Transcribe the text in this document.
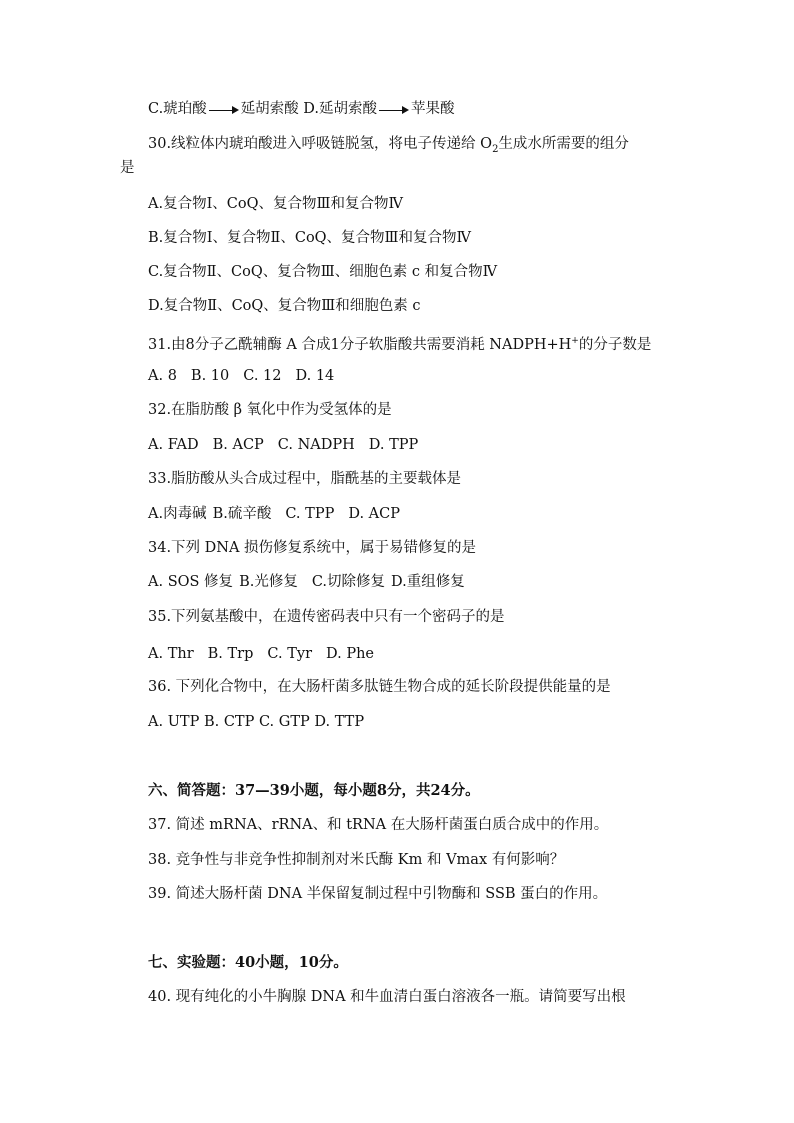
C.琥珀酸 延胡索酸 D.延胡索酸 苹果酸
30.线粒体内琥珀酸进入呼吸链脱氢，将电子传递给 $O_2$生成水所需要的组分
是
A.复合物Ⅰ、CoQ、复合物Ⅲ和复合物Ⅳ
B.复合物Ⅰ、复合物Ⅱ、CoQ、复合物Ⅲ和复合物Ⅳ
C.复合物Ⅱ、CoQ、复合物Ⅲ、细胞色素 c 和复合物Ⅳ
D.复合物Ⅱ、CoQ、复合物Ⅲ和细胞色素 c
31.由8分子乙酰辅酶 A 合成1分子软脂酸共需要消耗 NADPH+H+的分子数是
A. 8 B. 10 C. 12 D. 14
32.在脂肪酸 β 氧化中作为受氢体的是
A. FAD B. ACP C. NADPH D. TPP
33.脂肪酸从头合成过程中，脂酰基的主要载体是
A.肉毒碱 B.硫辛酸 C. TPP D. ACP
34.下列 DNA 损伤修复系统中，属于易错修复的是
A. SOS 修复 B.光修复 C.切除修复 D.重组修复
35.下列氨基酸中，在遗传密码表中只有一个密码子的是
A. Thr B. Trp C. Tyr D. Phe
36. 下列化合物中，在大肠杆菌多肽链生物合成的延长阶段提供能量的是
A. UTP B. CTP C. GTP D. TTP
六、简答题：37—39小题，每小题8分，共24分。
37. 简述 mRNA、rRNA、和 tRNA 在大肠杆菌蛋白质合成中的作用。
38. 竞争性与非竞争性抑制剂对米氏酶 Km 和 Vmax 有何影响？
39. 简述大肠杆菌 DNA 半保留复制过程中引物酶和 SSB 蛋白的作用。
七、实验题：40小题，10分。
40. 现有纯化的小牛胸腺 DNA 和牛血清白蛋白溶液各一瓶。请简要写出根
